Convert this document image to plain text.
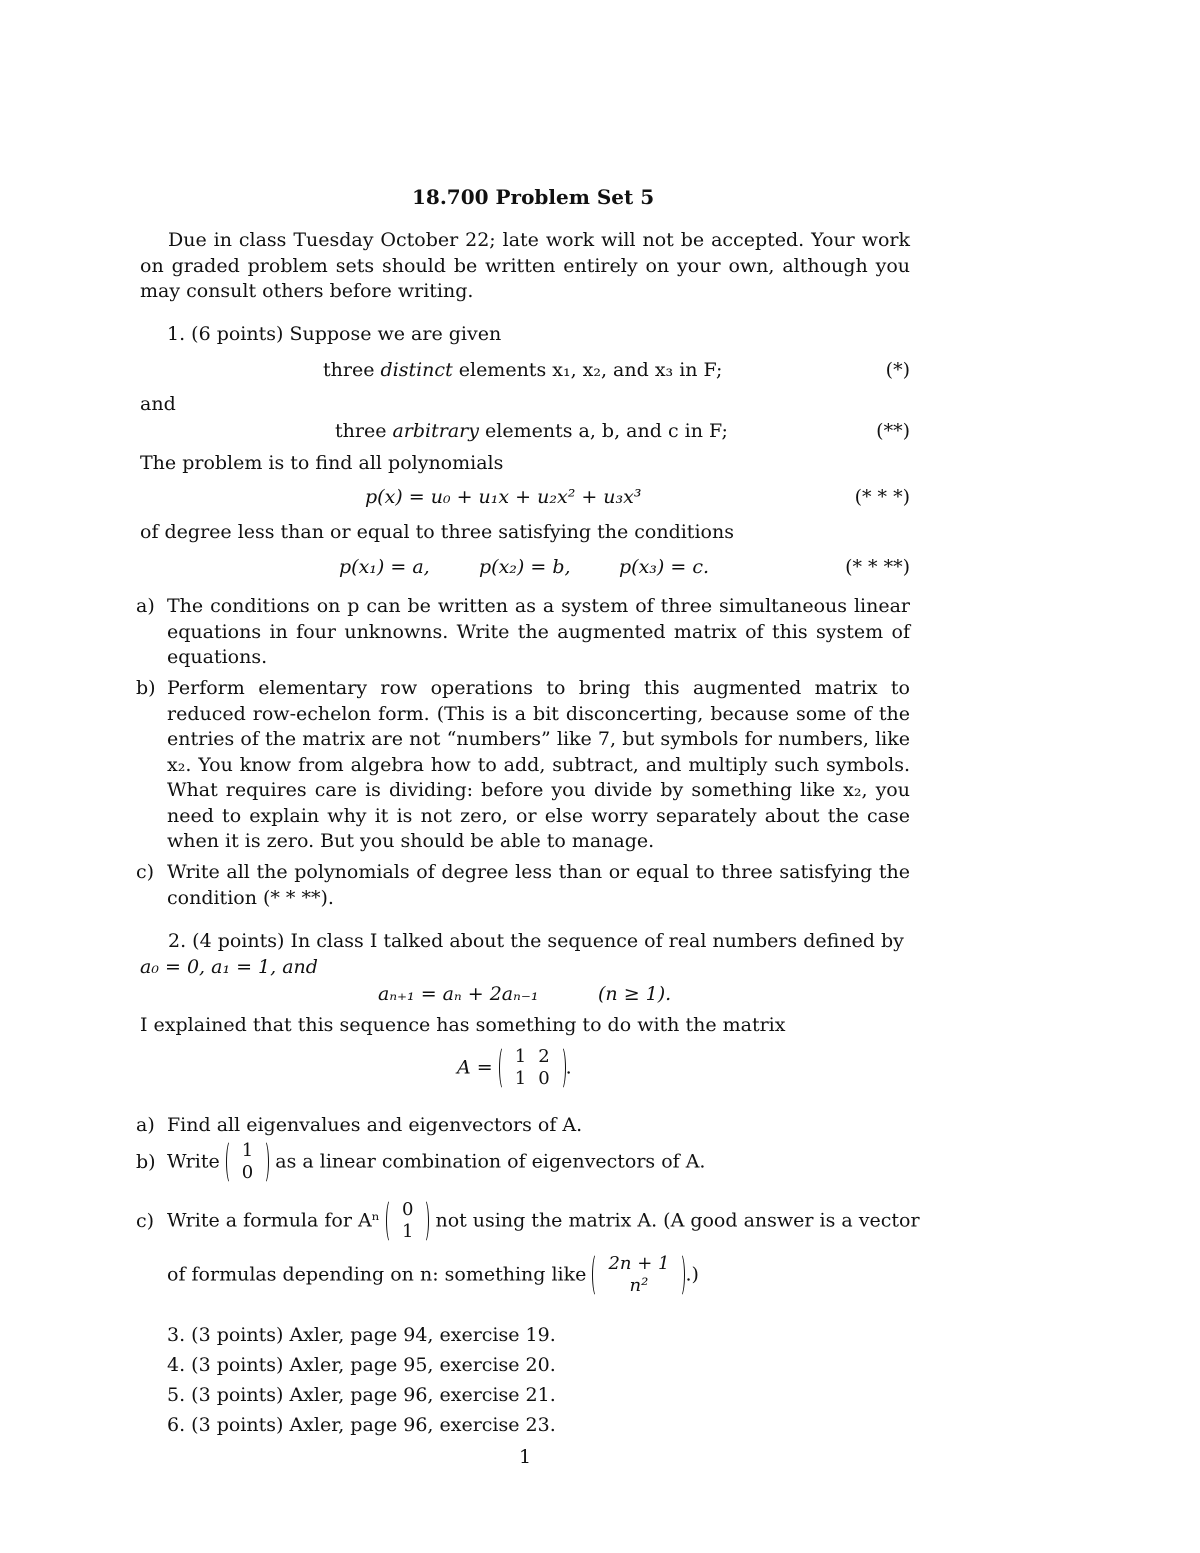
18.700 Problem Set 5
Due in class Tuesday October 22; late work will not be accepted. Your work on graded problem sets should be written entirely on your own, although you may consult others before writing.
1. (6 points) Suppose we are given
three distinct elements x₁, x₂, and x₃ in F;	(*)
and
three arbitrary elements a, b, and c in F;	(**)
The problem is to find all polynomials
p(x) = u₀ + u₁x + u₂x² + u₃x³	(* * *)
of degree less than or equal to three satisfying the conditions
p(x₁) = a,	p(x₂) = b,	p(x₃) = c.	(* * **)
a) The conditions on p can be written as a system of three simultaneous linear equations in four unknowns. Write the augmented matrix of this system of equations.
b) Perform elementary row operations to bring this augmented matrix to reduced row-echelon form. (This is a bit disconcerting, because some of the entries of the matrix are not “numbers” like 7, but symbols for numbers, like x₂. You know from algebra how to add, subtract, and multiply such symbols. What requires care is dividing: before you divide by something like x₂, you need to explain why it is not zero, or else worry separately about the case when it is zero. But you should be able to manage.
c) Write all the polynomials of degree less than or equal to three satisfying the condition (* * **).
2. (4 points) In class I talked about the sequence of real numbers defined by
a₀ = 0, a₁ = 1, and
aₙ₊₁ = aₙ + 2aₙ₋₁	(n ≥ 1).
I explained that this sequence has something to do with the matrix
A =
1	2
1	0 .
a) Find all eigenvalues and eigenvectors of A.
b) Write
1
0 as a linear combination of eigenvectors of A.
c) Write a formula for Aⁿ
0
1 not using the matrix A. (A good answer is a vector
of formulas depending on n: something like
2n + 1
n² .)
3. (3 points) Axler, page 94, exercise 19.
4. (3 points) Axler, page 95, exercise 20.
5. (3 points) Axler, page 96, exercise 21.
6. (3 points) Axler, page 96, exercise 23.
1
